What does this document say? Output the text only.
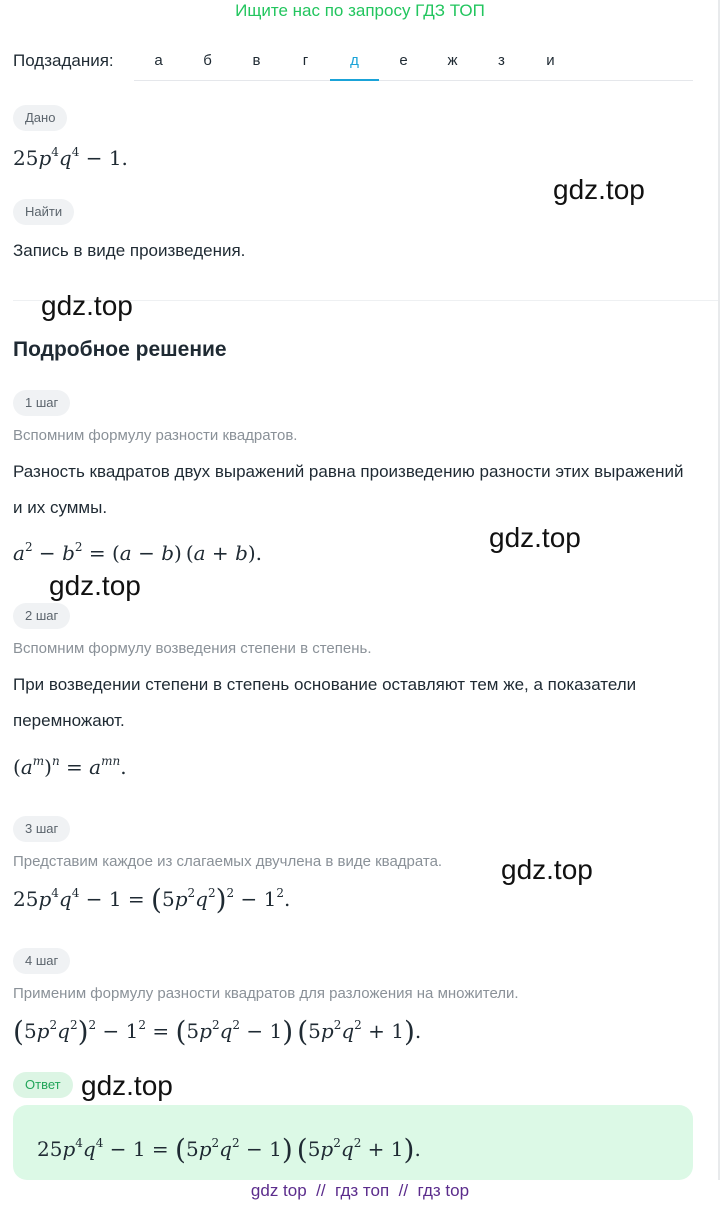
Ищите нас по запросу ГДЗ ТОП
Подзадания:	а	б	в	г	д	е	ж	з	и
Дано
$25p^4q^4 - 1$.
Найти
Запись в виде произведения.
Подробное решение
1 шаг
Вспомним формулу разности квадратов.
Разность квадратов двух выражений равна произведению разности этих выражений и их суммы.
$a^2 - b^2 = (a - b) (a + b)$.
2 шаг
Вспомним формулу возведения степени в степень.
При возведении степени в степень основание оставляют тем же, а показатели перемножают.
$(a^m)^n = a^{mn}$.
3 шаг
Представим каждое из слагаемых двучлена в виде квадрата.
$25p^4q^4 - 1 = (5p^2q^2)^2 - 1^2$.
4 шаг
Применим формулу разности квадратов для разложения на множители.
$(5p^2q^2)^2 - 1^2 = (5p^2q^2 - 1) (5p^2q^2 + 1)$.
Ответ
$25p^4q^4 - 1 = (5p^2q^2 - 1) (5p^2q^2 + 1)$.
gdz.top
gdz.top
gdz.top
gdz.top
gdz.top
gdz.top
gdz top // гдз топ // гдз top
